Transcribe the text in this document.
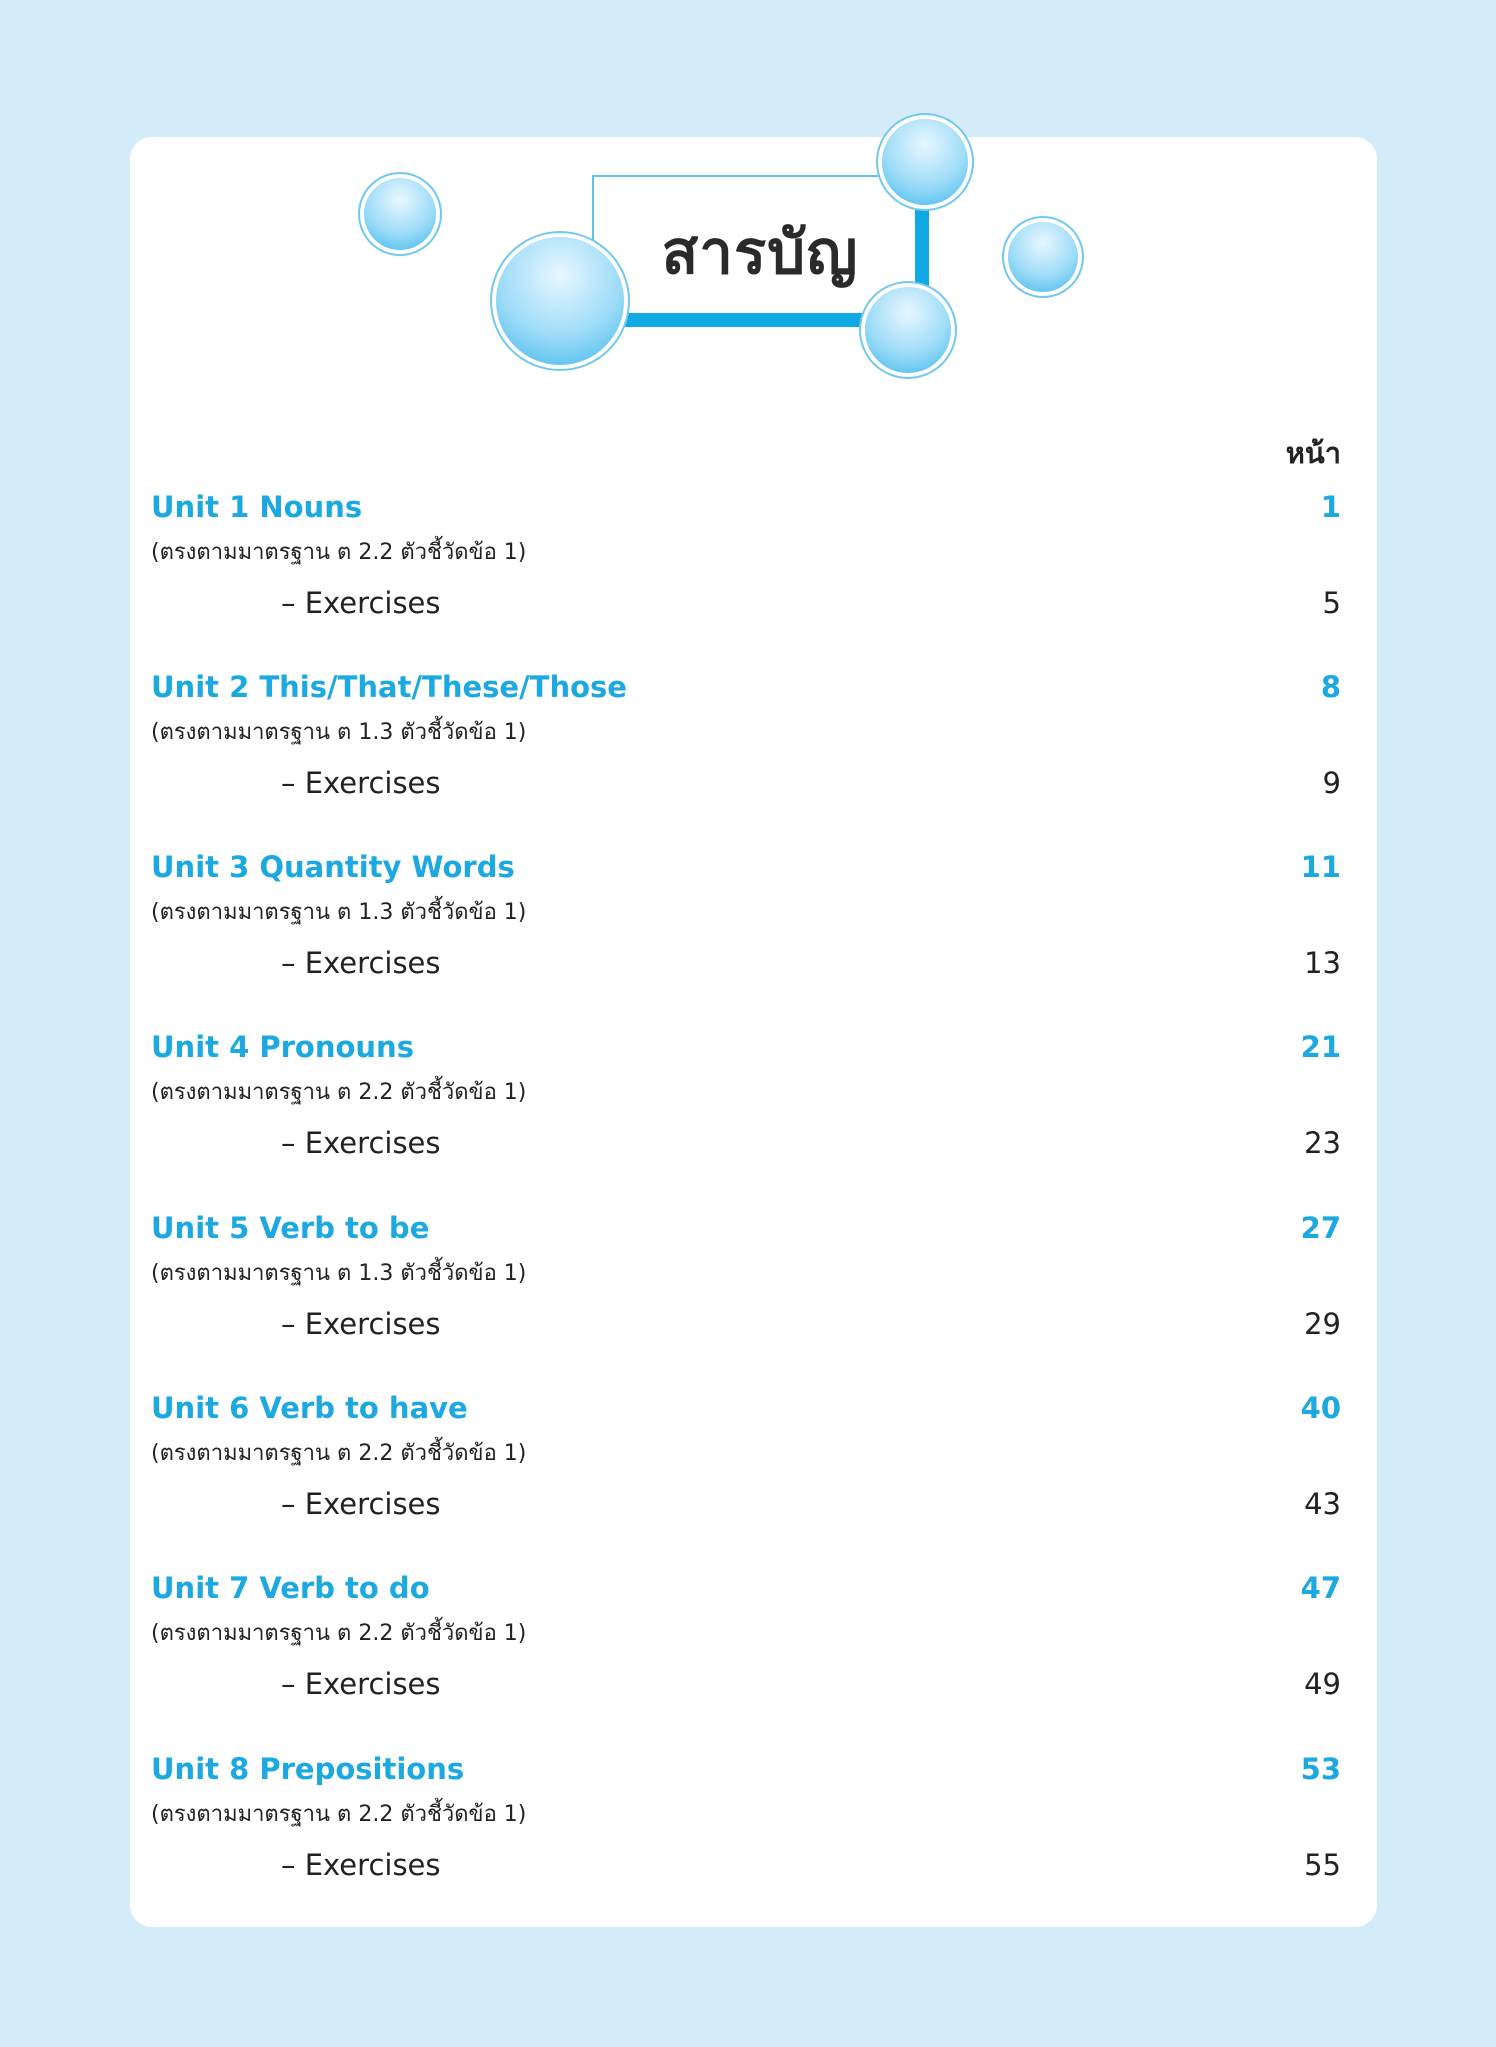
สารบัญ
หน้า
Unit 1 Nouns	1
(ตรงตามมาตรฐาน ต 2.2 ตัวชี้วัดข้อ 1)
– Exercises	5
Unit 2 This/That/These/Those	8
(ตรงตามมาตรฐาน ต 1.3 ตัวชี้วัดข้อ 1)
– Exercises	9
Unit 3 Quantity Words	11
(ตรงตามมาตรฐาน ต 1.3 ตัวชี้วัดข้อ 1)
– Exercises	13
Unit 4 Pronouns	21
(ตรงตามมาตรฐาน ต 2.2 ตัวชี้วัดข้อ 1)
– Exercises	23
Unit 5 Verb to be	27
(ตรงตามมาตรฐาน ต 1.3 ตัวชี้วัดข้อ 1)
– Exercises	29
Unit 6 Verb to have	40
(ตรงตามมาตรฐาน ต 2.2 ตัวชี้วัดข้อ 1)
– Exercises	43
Unit 7 Verb to do	47
(ตรงตามมาตรฐาน ต 2.2 ตัวชี้วัดข้อ 1)
– Exercises	49
Unit 8 Prepositions	53
(ตรงตามมาตรฐาน ต 2.2 ตัวชี้วัดข้อ 1)
– Exercises	55
